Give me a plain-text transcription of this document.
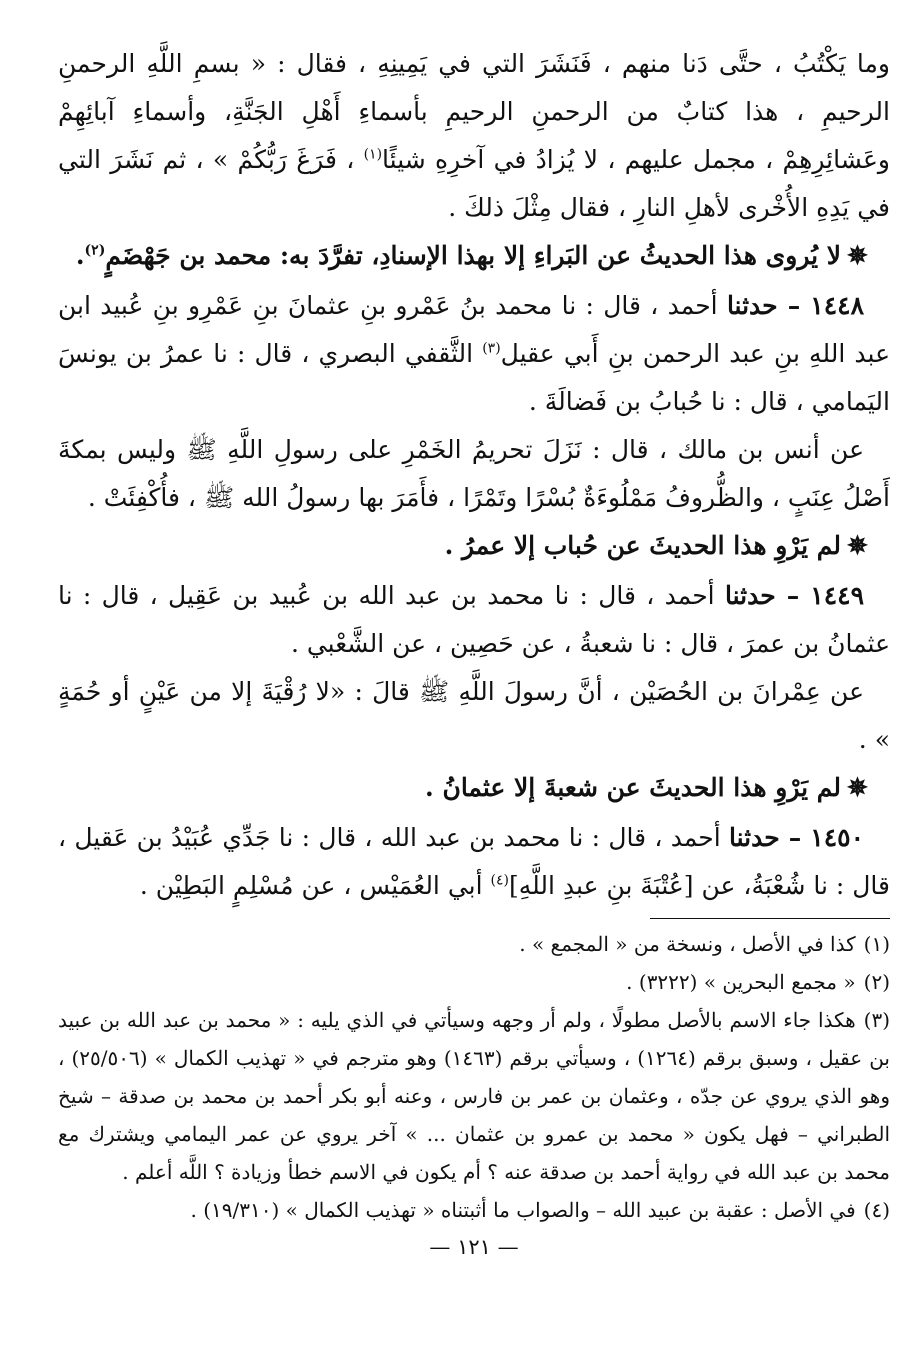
وما يَكْتُبُ ، حتَّى دَنا منهم ، فَنَشَرَ التي في يَمِينِهِ ، فقال : « بسمِ اللَّهِ الرحمنِ الرحيمِ ، هذا كتابٌ من الرحمنِ الرحيمِ بأسماءِ أَهْلِ الجَنَّةِ، وأسماءِ آبائِهِمْ وعَشائِرِهِمْ ، مجمل عليهم ، لا يُزادُ في آخرِهِ شيئًا$^{(١)}$ ، فَرَغَ رَبُّكُمْ » ، ثم نَشَرَ التي في يَدِهِ الأُخْرى لأهلِ النارِ ، فقال مِثْلَ ذلكَ .

✵لا يُروى هذا الحديثُ عن البَراءِ إلا بهذا الإسنادِ، تفرَّدَ به: محمد بن جَهْضَمٍ$^{(٢)}$.

١٤٤٨ – حدثنا أحمد ، قال : نا محمد بنُ عَمْرو بنِ عثمانَ بنِ عَمْرِو بنِ عُبيد ابن عبد اللهِ بنِ عبد الرحمن بنِ أَبي عقيل$^{(٣)}$ الثَّقفي البصري ، قال : نا عمرُ بن يونسَ اليَمامي ، قال : نا حُبابُ بن فَضالَةَ .

عن أنس بن مالك ، قال : نَزَلَ تحريمُ الخَمْرِ على رسولِ اللَّهِ ﷺ وليس بمكةَ أَصْلُ عِنَبٍ ، والظُّروفُ مَمْلُوءَةٌ بُسْرًا وتَمْرًا ، فأَمَرَ بها رسولُ الله ﷺ ، فأُكْفِئَتْ .

✵لم يَرْوِ هذا الحديثَ عن حُباب إلا عمرُ .

١٤٤٩ – حدثنا أحمد ، قال : نا محمد بن عبد الله بن عُبيد بن عَقِيل ، قال : نا عثمانُ بن عمرَ ، قال : نا شعبةُ ، عن حَصِين ، عن الشَّعْبي .

عن عِمْرانَ بن الحُصَيْن ، أنَّ رسولَ اللَّهِ ﷺ قالَ : «لا رُقْيَةَ إلا من عَيْنٍ أو حُمَةٍ » .

✵لم يَرْوِ هذا الحديثَ عن شعبةَ إلا عثمانُ .

١٤٥٠ – حدثنا أحمد ، قال : نا محمد بن عبد الله ، قال : نا جَدِّي عُبَيْدُ بن عَقيل ، قال : نا شُعْبَةُ، عن [عُتْبَةَ بنِ عبدِ اللَّهِ]$^{(٤)}$ أبي العُمَيْس ، عن مُسْلِمٍ البَطِيْن .

(١)كذا في الأصل ، ونسخة من « المجمع » .

(٢)« مجمع البحرين » (٣٢٢٢) .

(٣)هكذا جاء الاسم بالأصل مطولًا ، ولم أر وجهه وسيأتي في الذي يليه : « محمد بن عبد الله بن عبيد بن عقيل ، وسبق برقم (١٢٦٤) ، وسيأتي برقم (١٤٦٣) وهو مترجم في « تهذيب الكمال » (٢٥/٥٠٦) ، وهو الذي يروي عن جدّه ، وعثمان بن عمر بن فارس ، وعنه أبو بكر أحمد بن محمد بن صدقة – شيخ الطبراني – فهل يكون « محمد بن عمرو بن عثمان ... » آخر يروي عن عمر اليمامي ويشترك مع محمد بن عبد الله في رواية أحمد بن صدقة عنه ؟ أم يكون في الاسم خطأ وزيادة ؟ اللَّه أعلم .

(٤)في الأصل : عقبة بن عبيد الله – والصواب ما أثبتناه « تهذيب الكمال » (١٩/٣١٠) .

— ١٢١ —
